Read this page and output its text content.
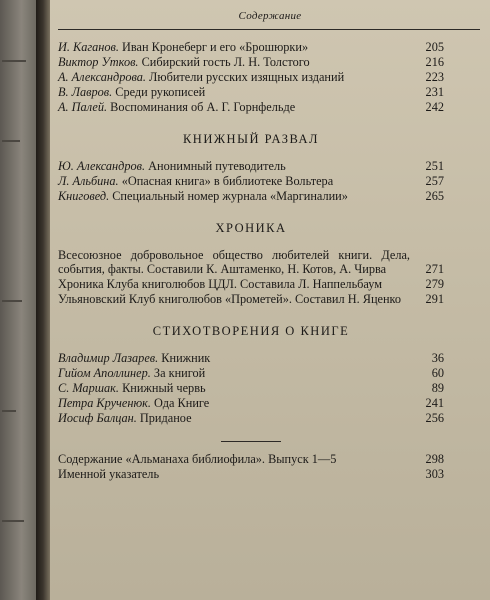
Содержание
И. Каганов. Иван Кронеберг и его «Брошюрки»	205
Виктор Утков. Сибирский гость Л. Н. Толстого	216
А. Александрова. Любители русских изящных изданий	223
В. Лавров. Среди рукописей	231
А. Палей. Воспоминания об А. Г. Горнфельде	242
КНИЖНЫЙ РАЗВАЛ
Ю. Александров. Анонимный путеводитель	251
Л. Альбина. «Опасная книга» в библиотеке Вольтера	257
Книговед. Специальный номер журнала «Маргиналии»	265
ХРОНИКА
Всесоюзное добровольное общество любителей книги. Дела, события, факты. Составили К. Аштаменко, Н. Котов, А. Чирва	271
Хроника Клуба книголюбов ЦДЛ. Составила Л. Наппельбаум	279
Ульяновский Клуб книголюбов «Прометей». Составил Н. Яценко	291
СТИХОТВОРЕНИЯ О КНИГЕ
Владимир Лазарев. Книжник	36
Гийом Аполлинер. За книгой	60
С. Маршак. Книжный червь	89
Петра Крученюк. Ода Книге	241
Иосиф Балцан. Приданое	256
Содержание «Альманаха библиофила». Выпуск 1—5	298
Именной указатель	303
